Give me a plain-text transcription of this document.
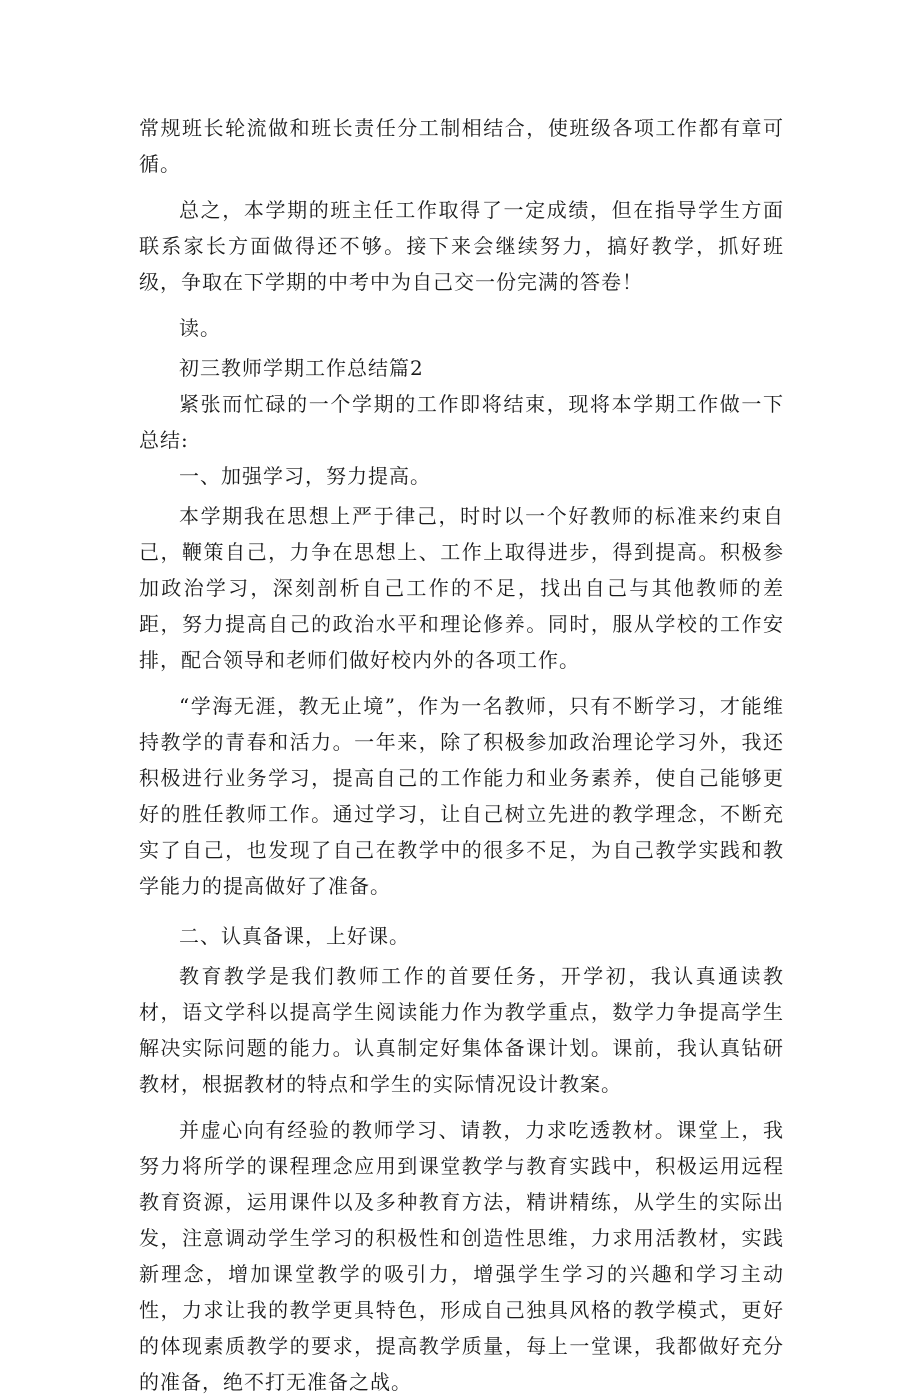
常规班长轮流做和班长责任分工制相结合，使班级各项工作都有章可循。

总之，本学期的班主任工作取得了一定成绩，但在指导学生方面联系家长方面做得还不够。接下来会继续努力，搞好教学，抓好班级，争取在下学期的中考中为自己交一份完满的答卷！

读。

初三教师学期工作总结篇2

紧张而忙碌的一个学期的工作即将结束，现将本学期工作做一下总结:

一、加强学习，努力提高。

本学期我在思想上严于律己，时时以一个好教师的标准来约束自己，鞭策自己，力争在思想上、工作上取得进步，得到提高。积极参加政治学习，深刻剖析自己工作的不足，找出自己与其他教师的差距，努力提高自己的政治水平和理论修养。同时，服从学校的工作安排，配合领导和老师们做好校内外的各项工作。

“学海无涯，教无止境”，作为一名教师，只有不断学习，才能维持教学的青春和活力。一年来，除了积极参加政治理论学习外，我还积极进行业务学习，提高自己的工作能力和业务素养，使自己能够更好的胜任教师工作。通过学习，让自己树立先进的教学理念，不断充实了自己，也发现了自己在教学中的很多不足，为自己教学实践和教学能力的提高做好了准备。

二、认真备课，上好课。

教育教学是我们教师工作的首要任务，开学初，我认真通读教材，语文学科以提高学生阅读能力作为教学重点，数学力争提高学生解决实际问题的能力。认真制定好集体备课计划。课前，我认真钻研教材，根据教材的特点和学生的实际情况设计教案。

并虚心向有经验的教师学习、请教，力求吃透教材。课堂上，我努力将所学的课程理念应用到课堂教学与教育实践中，积极运用远程教育资源，运用课件以及多种教育方法，精讲精练，从学生的实际出发，注意调动学生学习的积极性和创造性思维，力求用活教材，实践新理念，增加课堂教学的吸引力，增强学生学习的兴趣和学习主动性，力求让我的教学更具特色，形成自己独具风格的教学模式，更好的体现素质教学的要求，提高教学质量，每上一堂课，我都做好充分的准备，绝不打无准备之战。
